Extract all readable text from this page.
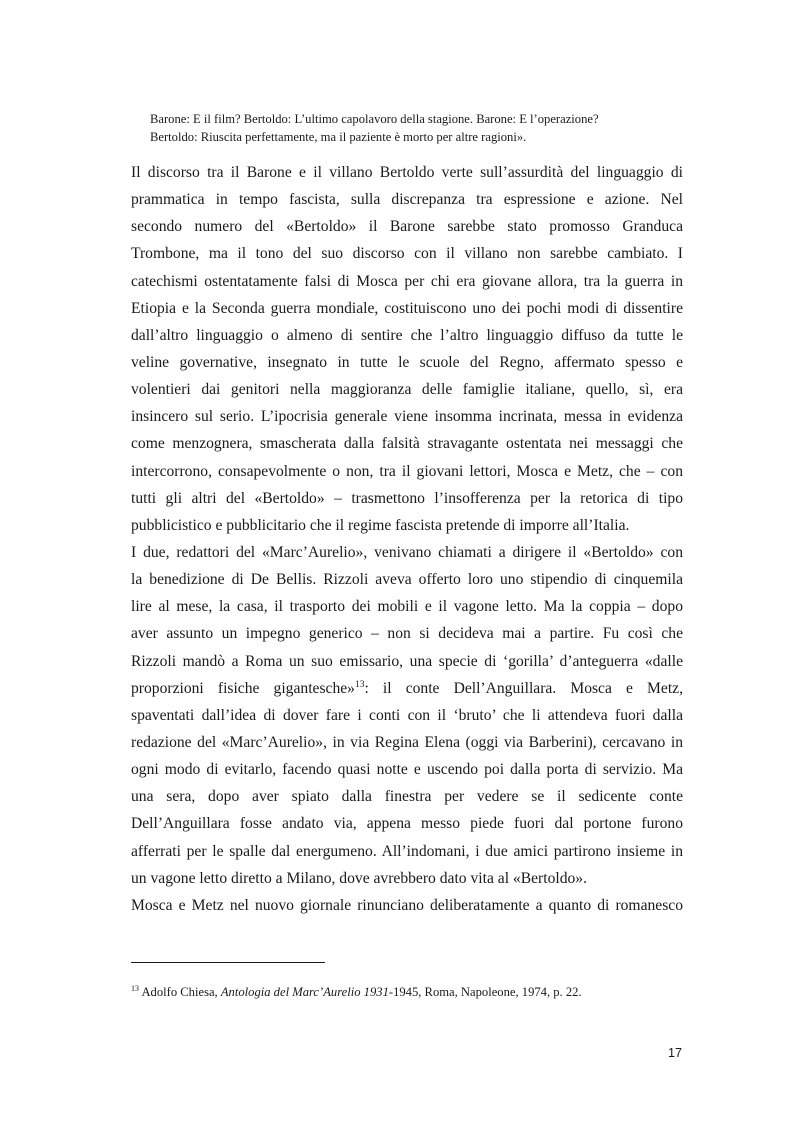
Barone: E il film? Bertoldo: L’ultimo capolavoro della stagione. Barone: E l’operazione?
Bertoldo: Riuscita perfettamente, ma il paziente è morto per altre ragioni».
Il discorso tra il Barone e il villano Bertoldo verte sull’assurdità del linguaggio di
prammatica in tempo fascista, sulla discrepanza tra espressione e azione. Nel
secondo numero del «Bertoldo» il Barone sarebbe stato promosso Granduca
Trombone, ma il tono del suo discorso con il villano non sarebbe cambiato. I
catechismi ostentatamente falsi di Mosca per chi era giovane allora, tra la guerra in
Etiopia e la Seconda guerra mondiale, costituiscono uno dei pochi modi di dissentire
dall’altro linguaggio o almeno di sentire che l’altro linguaggio diffuso da tutte le
veline governative, insegnato in tutte le scuole del Regno, affermato spesso e
volentieri dai genitori nella maggioranza delle famiglie italiane, quello, sì, era
insincero sul serio. L’ipocrisia generale viene insomma incrinata, messa in evidenza
come menzognera, smascherata dalla falsità stravagante ostentata nei messaggi che
intercorrono, consapevolmente o non, tra il giovani lettori, Mosca e Metz, che – con
tutti gli altri del «Bertoldo» – trasmettono l’insofferenza per la retorica di tipo
pubblicistico e pubblicitario che il regime fascista pretende di imporre all’Italia.
I due, redattori del «Marc’Aurelio», venivano chiamati a dirigere il «Bertoldo» con
la benedizione di De Bellis. Rizzoli aveva offerto loro uno stipendio di cinquemila
lire al mese, la casa, il trasporto dei mobili e il vagone letto. Ma la coppia – dopo
aver assunto un impegno generico – non si decideva mai a partire. Fu così che
Rizzoli mandò a Roma un suo emissario, una specie di ‘gorilla’ d’anteguerra «dalle
proporzioni fisiche gigantesche»$^{13}$: il conte Dell’Anguillara. Mosca e Metz,
spaventati dall’idea di dover fare i conti con il ‘bruto’ che li attendeva fuori dalla
redazione del «Marc’Aurelio», in via Regina Elena (oggi via Barberini), cercavano in
ogni modo di evitarlo, facendo quasi notte e uscendo poi dalla porta di servizio. Ma
una sera, dopo aver spiato dalla finestra per vedere se il sedicente conte
Dell’Anguillara fosse andato via, appena messo piede fuori dal portone furono
afferrati per le spalle dal energumeno. All’indomani, i due amici partirono insieme in
un vagone letto diretto a Milano, dove avrebbero dato vita al «Bertoldo».
Mosca e Metz nel nuovo giornale rinunciano deliberatamente a quanto di romanesco
$^{13}$ Adolfo Chiesa, Antologia del Marc’Aurelio 1931-1945, Roma, Napoleone, 1974, p. 22.
17
